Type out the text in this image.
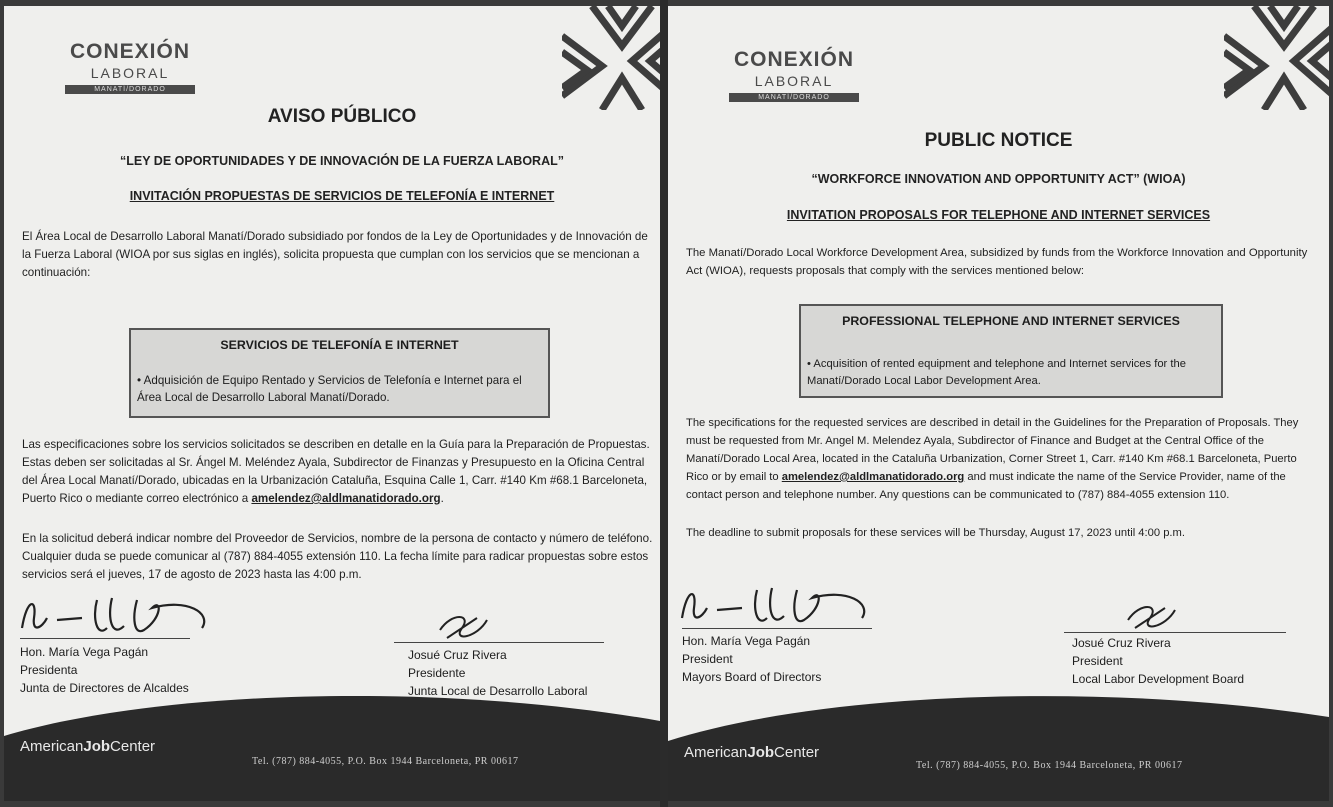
CONEXIÓN
LABORAL
MANATÍ/DORADO
AVISO PÚBLICO
“LEY DE OPORTUNIDADES Y DE INNOVACIÓN DE LA FUERZA LABORAL”
INVITACIÓN PROPUESTAS DE SERVICIOS DE TELEFONÍA E INTERNET
El Área Local de Desarrollo Laboral Manatí/Dorado subsidiado por fondos de la Ley de Oportunidades y de Innovación de la Fuerza Laboral (WIOA por sus siglas en inglés), solicita propuesta que cumplan con los servicios que se mencionan a continuación:
SERVICIOS DE TELEFONÍA E INTERNET
• Adquisición de Equipo Rentado y Servicios de Telefonía e Internet para el Área Local de Desarrollo Laboral Manatí/Dorado.
Las especificaciones sobre los servicios solicitados se describen en detalle en la Guía para la Preparación de Propuestas. Estas deben ser solicitadas al Sr. Ángel M. Meléndez Ayala, Subdirector de Finanzas y Presupuesto en la Oficina Central del Área Local Manatí/Dorado, ubicadas en la Urbanización Cataluña, Esquina Calle 1, Carr. #140 Km #68.1 Barceloneta, Puerto Rico o mediante correo electrónico a amelendez@aldlmanatidorado.org.
En la solicitud deberá indicar nombre del Proveedor de Servicios, nombre de la persona de contacto y número de teléfono. Cualquier duda se puede comunicar al (787) 884-4055 extensión 110. La fecha límite para radicar propuestas sobre estos servicios será el jueves, 17 de agosto de 2023 hasta las 4:00 p.m.
Hon. María Vega Pagán
Presidenta
Junta de Directores de Alcaldes
Josué Cruz Rivera
Presidente
Junta Local de Desarrollo Laboral
AmericanJobCenter
Tel. (787) 884-4055, P.O. Box 1944 Barceloneta, PR 00617
CONEXIÓN
LABORAL
MANATÍ/DORADO
PUBLIC NOTICE
“WORKFORCE INNOVATION AND OPPORTUNITY ACT” (WIOA)
INVITATION PROPOSALS FOR TELEPHONE AND INTERNET SERVICES
The Manatí/Dorado Local Workforce Development Area, subsidized by funds from the Workforce Innovation and Opportunity Act (WIOA), requests proposals that comply with the services mentioned below:
PROFESSIONAL TELEPHONE AND INTERNET SERVICES
• Acquisition of rented equipment and telephone and Internet services for the Manatí/Dorado Local Labor Development Area.
The specifications for the requested services are described in detail in the Guidelines for the Preparation of Proposals. They must be requested from Mr. Angel M. Melendez Ayala, Subdirector of Finance and Budget at the Central Office of the Manatí/Dorado Local Area, located in the Cataluña Urbanization, Corner Street 1, Carr. #140 Km #68.1 Barceloneta, Puerto Rico or by email to amelendez@aldlmanatidorado.org and must indicate the name of the Service Provider, name of the contact person and telephone number. Any questions can be communicated to (787) 884-4055 extension 110.
The deadline to submit proposals for these services will be Thursday, August 17, 2023 until 4:00 p.m.
Hon. María Vega Pagán
President
Mayors Board of Directors
Josué Cruz Rivera
President
Local Labor Development Board
AmericanJobCenter
Tel. (787) 884-4055, P.O. Box 1944 Barceloneta, PR 00617
